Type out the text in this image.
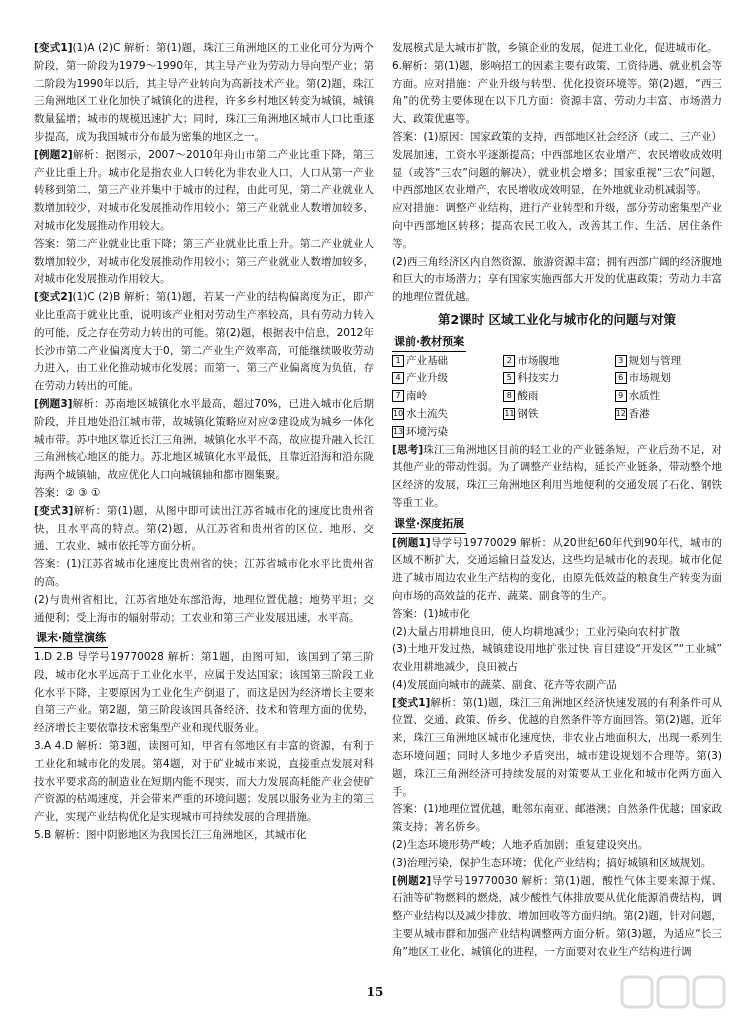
[变式1](1)A (2)C 解析：第(1)题，珠江三角洲地区的工业化可分为两个阶段，第一阶段为1979～1990年，其主导产业为劳动力导向型产业；第二阶段为1990年以后，其主导产业转向为高新技术产业。第(2)题，珠江三角洲地区工业化加快了城镇化的进程，许多乡村地区转变为城镇，城镇数量猛增；城市的规模迅速扩大；同时，珠江三角洲地区城市人口比重逐步提高，成为我国城市分布最为密集的地区之一。

[例题2]解析：据图示，2007～2010年舟山市第二产业比重下降，第三产业比重上升。城市化是指农业人口转化为非农业人口，人口从第一产业转移到第二、第三产业并集中于城市的过程，由此可见，第二产业就业人数增加较少，对城市化发展推动作用较小；第三产业就业人数增加较多，对城市化发展推动作用较大。

答案：第二产业就业比重下降；第三产业就业比重上升。第二产业就业人数增加较少，对城市化发展推动作用较小；第三产业就业人数增加较多，对城市化发展推动作用较大。

[变式2](1)C (2)B 解析：第(1)题，若某一产业的结构偏离度为正，即产业比重高于就业比重，说明该产业相对劳动生产率较高，具有劳动力转入的可能，反之存在劳动力转出的可能。第(2)题，根据表中信息，2012年长沙市第二产业偏离度大于0，第二产业生产效率高，可能继续吸收劳动力进入，由工业化推动城市化发展；而第一、第三产业偏离度为负值，存在劳动力转出的可能。

[例题3]解析：苏南地区城镇化水平最高，超过70%，已进入城市化后期阶段，并且地处沿江城市带，故城镇化策略应对应②建设成为城乡一体化城市带。苏中地区靠近长江三角洲，城镇化水平不高，故应提升融入长江三角洲核心地区的能力。苏北地区城镇化水平最低，且靠近沿海和沿东陇海两个城镇轴，故应优化人口向城镇轴和都市圈集聚。

答案：② ③ ①

[变式3]解析：第(1)题，从图中即可读出江苏省城市化的速度比贵州省快，且水平高的特点。第(2)题，从江苏省和贵州省的区位、地形、交通、工农业、城市依托等方面分析。

答案：(1)江苏省城市化速度比贵州省的快；江苏省城市化水平比贵州省的高。

(2)与贵州省相比，江苏省地处东部沿海，地理位置优越；地势平坦；交通便利；受上海市的辐射带动；工农业和第三产业发展迅速，水平高。

课末·随堂演练

1.D 2.B 导学号19770028 解析：第1题，由图可知，该国到了第三阶段，城市化水平远高于工业化水平，应属于发达国家；该国第三阶段工业化水平下降，主要原因为工业化生产倒退了，而这是因为经济增长主要来自第三产业。第2题，第三阶段该国具备经济、技术和管理方面的优势，经济增长主要依靠技术密集型产业和现代服务业。

3.A 4.D 解析：第3题，读图可知，甲省有邻地区有丰富的资源，有利于工业化和城市化的发展。第4题，对于矿业城市来说，直接重点发展对科技水平要求高的制造业在短期内能不现实，而大力发展高耗能产业会使矿产资源的枯竭速度，并会带来严重的环境问题；发展以服务业为主的第三产业，实现产业结构优化是实现城市可持续发展的合理措施。

5.B 解析：图中阴影地区为我国长江三角洲地区，其城市化

发展模式是大城市扩散，乡镇企业的发展，促进工业化，促进城市化。

6.解析：第(1)题，影响招工的因素主要有政策、工资待遇、就业机会等方面。应对措施：产业升级与转型、优化投资环境等。第(2)题，“西三角”的优势主要体现在以下几方面：资源丰富、劳动力丰富、市场潜力大、政策优惠等。

答案：(1)原因：国家政策的支持，西部地区社会经济（或二、三产业）发展加速，工资水平逐渐提高；中西部地区农业增产、农民增收成效明显（或答“三农”问题的解决），就业机会增多；国家重视“三农”问题，中西部地区农业增产，农民增收成效明显，在外地就业动机减弱等。

应对措施：调整产业结构，进行产业转型和升级，部分劳动密集型产业向中西部地区转移；提高农民工收入，改善其工作、生活、居住条件等。

(2)西三角经济区内自然资源、旅游资源丰富；拥有西部广阔的经济腹地和巨大的市场潜力；享有国家实施西部大开发的优惠政策；劳动力丰富的地理位置优越。

第2课时 区域工业化与城市化的问题与对策
课前·教材预案
1 产业基础	2 市场腹地	3 规划与管理
4 产业升级	5 科技实力	6 市场规划
7 南岭	8 酸雨	9 水质性
10 水土流失	11 钢铁	12 香港
13 环境污染

[思考]珠江三角洲地区目前的轻工业的产业链条短，产业后劲不足，对其他产业的带动性弱。为了调整产业结构，延长产业链条，带动整个地区经济的发展，珠江三角洲地区利用当地便利的交通发展了石化、钢铁等重工业。

课堂·深度拓展

[例题1]导学号19770029 解析：从20世纪60年代到90年代，城市的区域不断扩大，交通运输日益发达，这些均是城市化的表现。城市化促进了城市周边农业生产结构的变化，由原先低效益的粮食生产转变为面向市场的高效益的花卉、蔬菜、副食等的生产。

答案：(1)城市化

(2)大量占用耕地良田，使人均耕地减少；工业污染向农村扩散

(3)土地开发过热，城镇建设用地扩张过快 盲目建设“开发区”“工业城” 农业用耕地减少，良田被占

(4)发展面向城市的蔬菜、副食、花卉等农副产品

[变式1]解析：第(1)题，珠江三角洲地区经济快速发展的有利条件可从位置、交通、政策、侨乡、优越的自然条件等方面回答。第(2)题，近年来，珠江三角洲地区城市化速度快，非农业占地面积大，出现一系列生态环境问题；同时人多地少矛盾突出，城市建设规划不合理等。第(3)题，珠江三角洲经济可持续发展的对策要从工业化和城市化两方面入手。

答案：(1)地理位置优越，毗邻东南亚、邮港澳；自然条件优越；国家政策支持；著名侨乡。

(2)生态环境形势严峻；人地矛盾加剧；重复建设突出。

(3)治理污染，保护生态环境；优化产业结构；搞好城镇和区域规划。

[例题2]导学号19770030 解析：第(1)题，酸性气体主要来源于煤、石油等矿物燃料的燃烧，减少酸性气体排放要从优化能源消费结构，调整产业结构以及减少排放、增加回收等方面归纳。第(2)题，针对问题，主要从城市群和加强产业结构调整两方面分析。第(3)题，为适应“长三角”地区工业化、城镇化的进程，一方面要对农业生产结构进行调

15
